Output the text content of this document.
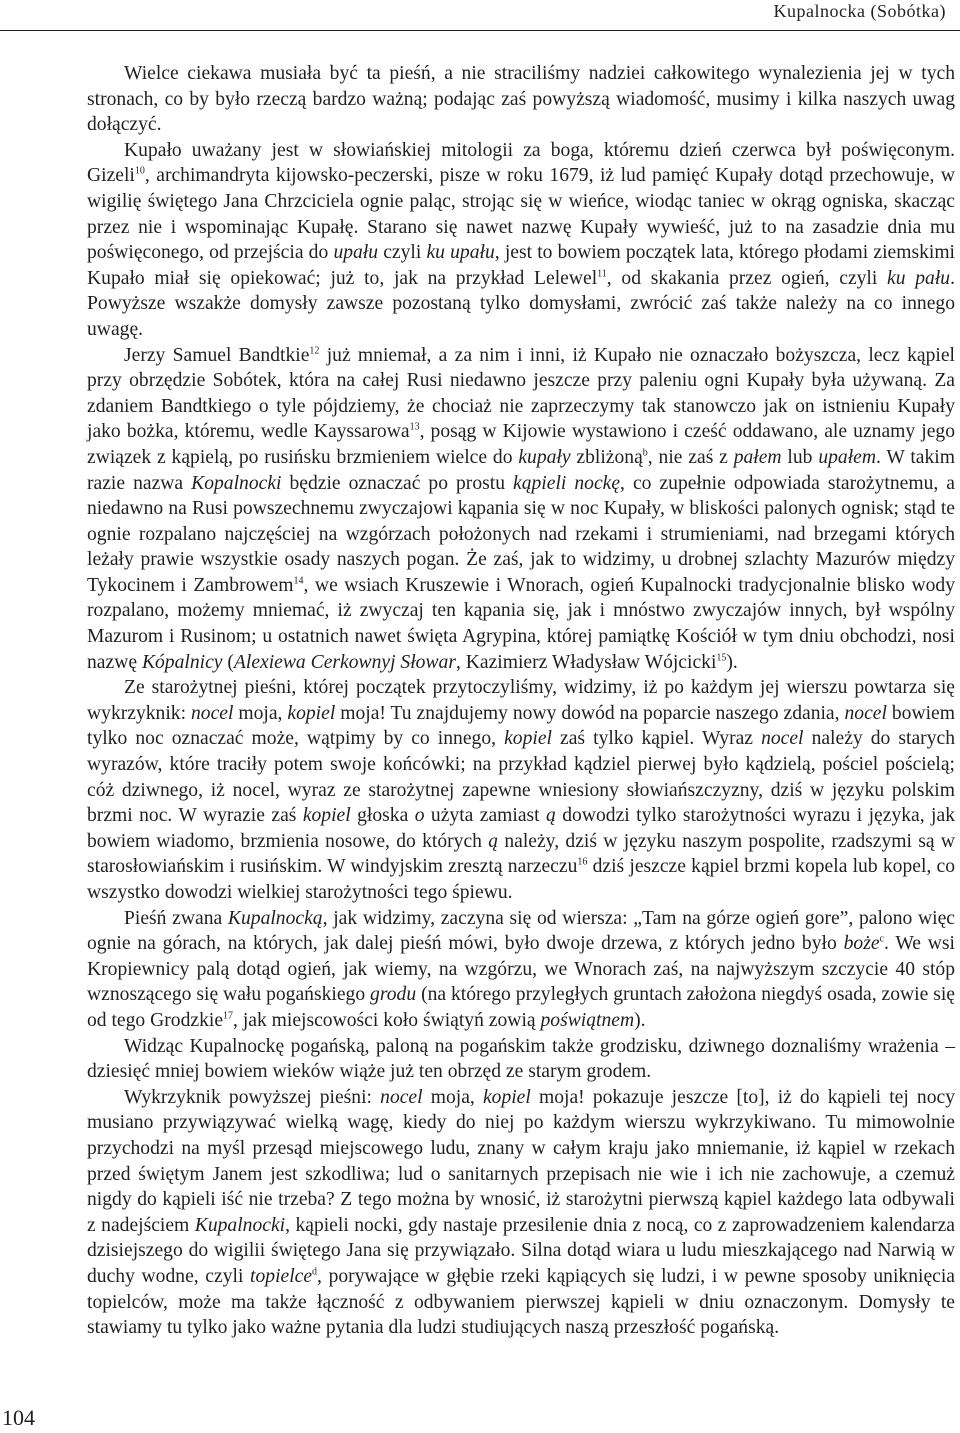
Kupalnocka (Sobótka)

Wielce ciekawa musiała być ta pieśń, a nie straciliśmy nadziei całkowitego wynalezienia jej w tych stronach, co by było rzeczą bardzo ważną; podając zaś powyższą wiadomość, musimy i kilka naszych uwag dołączyć.

Kupało uważany jest w słowiańskiej mitologii za boga, któremu dzień czerwca był poświęconym. Gizeli$^{10}$, archimandryta kijowsko-peczerski, pisze w roku 1679, iż lud pamięć Kupały dotąd przechowuje, w wigilię świętego Jana Chrzciciela ognie paląc, strojąc się w wieńce, wiodąc taniec w okrąg ogniska, skacząc przez nie i wspominając Kupałę. Starano się nawet nazwę Kupały wywieść, już to na zasadzie dnia mu poświęconego, od przejścia do upału czyli ku upału, jest to bowiem początek lata, którego płodami ziemskimi Kupało miał się opiekować; już to, jak na przykład Lelewel$^{11}$, od skakania przez ogień, czyli ku pału. Powyższe wszakże domysły zawsze pozostaną tylko domysłami, zwrócić zaś także należy na co innego uwagę.

Jerzy Samuel Bandtkie$^{12}$ już mniemał, a za nim i inni, iż Kupało nie oznaczało bożyszcza, lecz kąpiel przy obrzędzie Sobótek, która na całej Rusi niedawno jeszcze przy paleniu ogni Kupały była używaną. Za zdaniem Bandtkiego o tyle pójdziemy, że chociaż nie zaprzeczymy tak stanowczo jak on istnieniu Kupały jako bożka, któremu, wedle Kayssarowa$^{13}$, posąg w Kijowie wystawiono i cześć oddawano, ale uznamy jego związek z kąpielą, po rusińsku brzmieniem wielce do kupały zbliżoną$^b$, nie zaś z pałem lub upałem. W takim razie nazwa Kopalnocki będzie oznaczać po prostu kąpieli nockę, co zupełnie odpowiada starożytnemu, a niedawno na Rusi powszechnemu zwyczajowi kąpania się w noc Kupały, w bliskości palonych ognisk; stąd te ognie rozpalano najczęściej na wzgórzach położonych nad rzekami i strumieniami, nad brzegami których leżały prawie wszystkie osady naszych pogan. Że zaś, jak to widzimy, u drobnej szlachty Mazurów między Tykocinem i Zambrowem$^{14}$, we wsiach Kruszewie i Wnorach, ogień Kupalnocki tradycjonalnie blisko wody rozpalano, możemy mniemać, iż zwyczaj ten kąpania się, jak i mnóstwo zwyczajów innych, był wspólny Mazurom i Rusinom; u ostatnich nawet święta Agrypina, której pamiątkę Kościół w tym dniu obchodzi, nosi nazwę Kópalnicy (Alexiewa Cerkownyj Słowar, Kazimierz Władysław Wójcicki$^{15}$).

Ze starożytnej pieśni, której początek przytoczyliśmy, widzimy, iż po każdym jej wierszu powtarza się wykrzyknik: nocel moja, kopiel moja! Tu znajdujemy nowy dowód na poparcie naszego zdania, nocel bowiem tylko noc oznaczać może, wątpimy by co innego, kopiel zaś tylko kąpiel. Wyraz nocel należy do starych wyrazów, które traciły potem swoje końcówki; na przykład kądziel pierwej było kądzielą, pościel pościelą; cóż dziwnego, iż nocel, wyraz ze starożytnej zapewne wniesiony słowiańszczyzny, dziś w języku polskim brzmi noc. W wyrazie zaś kopiel głoska o użyta zamiast ą dowodzi tylko starożytności wyrazu i języka, jak bowiem wiadomo, brzmienia nosowe, do których ą należy, dziś w języku naszym pospolite, rzadszymi są w starosłowiańskim i rusińskim. W windyjskim zresztą narzeczu$^{16}$ dziś jeszcze kąpiel brzmi kopela lub kopel, co wszystko dowodzi wielkiej starożytności tego śpiewu.

Pieśń zwana Kupalnocką, jak widzimy, zaczyna się od wiersza: „Tam na górze ogień gore”, palono więc ognie na górach, na których, jak dalej pieśń mówi, było dwoje drzewa, z których jedno było boże$^c$. We wsi Kropiewnicy palą dotąd ogień, jak wiemy, na wzgórzu, we Wnorach zaś, na najwyższym szczycie 40 stóp wznoszącego się wału pogańskiego grodu (na którego przyległych gruntach założona niegdyś osada, zowie się od tego Grodzkie$^{17}$, jak miejscowości koło świątyń zowią poświątnem).

Widząc Kupalnockę pogańską, paloną na pogańskim także grodzisku, dziwnego doznaliśmy wrażenia – dziesięć mniej bowiem wieków wiąże już ten obrzęd ze starym grodem.

Wykrzyknik powyższej pieśni: nocel moja, kopiel moja! pokazuje jeszcze [to], iż do kąpieli tej nocy musiano przywiązywać wielką wagę, kiedy do niej po każdym wierszu wykrzykiwano. Tu mimowolnie przychodzi na myśl przesąd miejscowego ludu, znany w całym kraju jako mniemanie, iż kąpiel w rzekach przed świętym Janem jest szkodliwa; lud o sanitarnych przepisach nie wie i ich nie zachowuje, a czemuż nigdy do kąpieli iść nie trzeba? Z tego można by wnosić, iż starożytni pierwszą kąpiel każdego lata odbywali z nadejściem Kupalnocki, kąpieli nocki, gdy nastaje przesilenie dnia z nocą, co z zaprowadzeniem kalendarza dzisiejszego do wigilii świętego Jana się przywiązało. Silna dotąd wiara u ludu mieszkającego nad Narwią w duchy wodne, czyli topielce$^d$, porywające w głębie rzeki kąpiących się ludzi, i w pewne sposoby uniknięcia topielców, może ma także łączność z odbywaniem pierwszej kąpieli w dniu oznaczonym. Domysły te stawiamy tu tylko jako ważne pytania dla ludzi studiujących naszą przeszłość pogańską.

104
